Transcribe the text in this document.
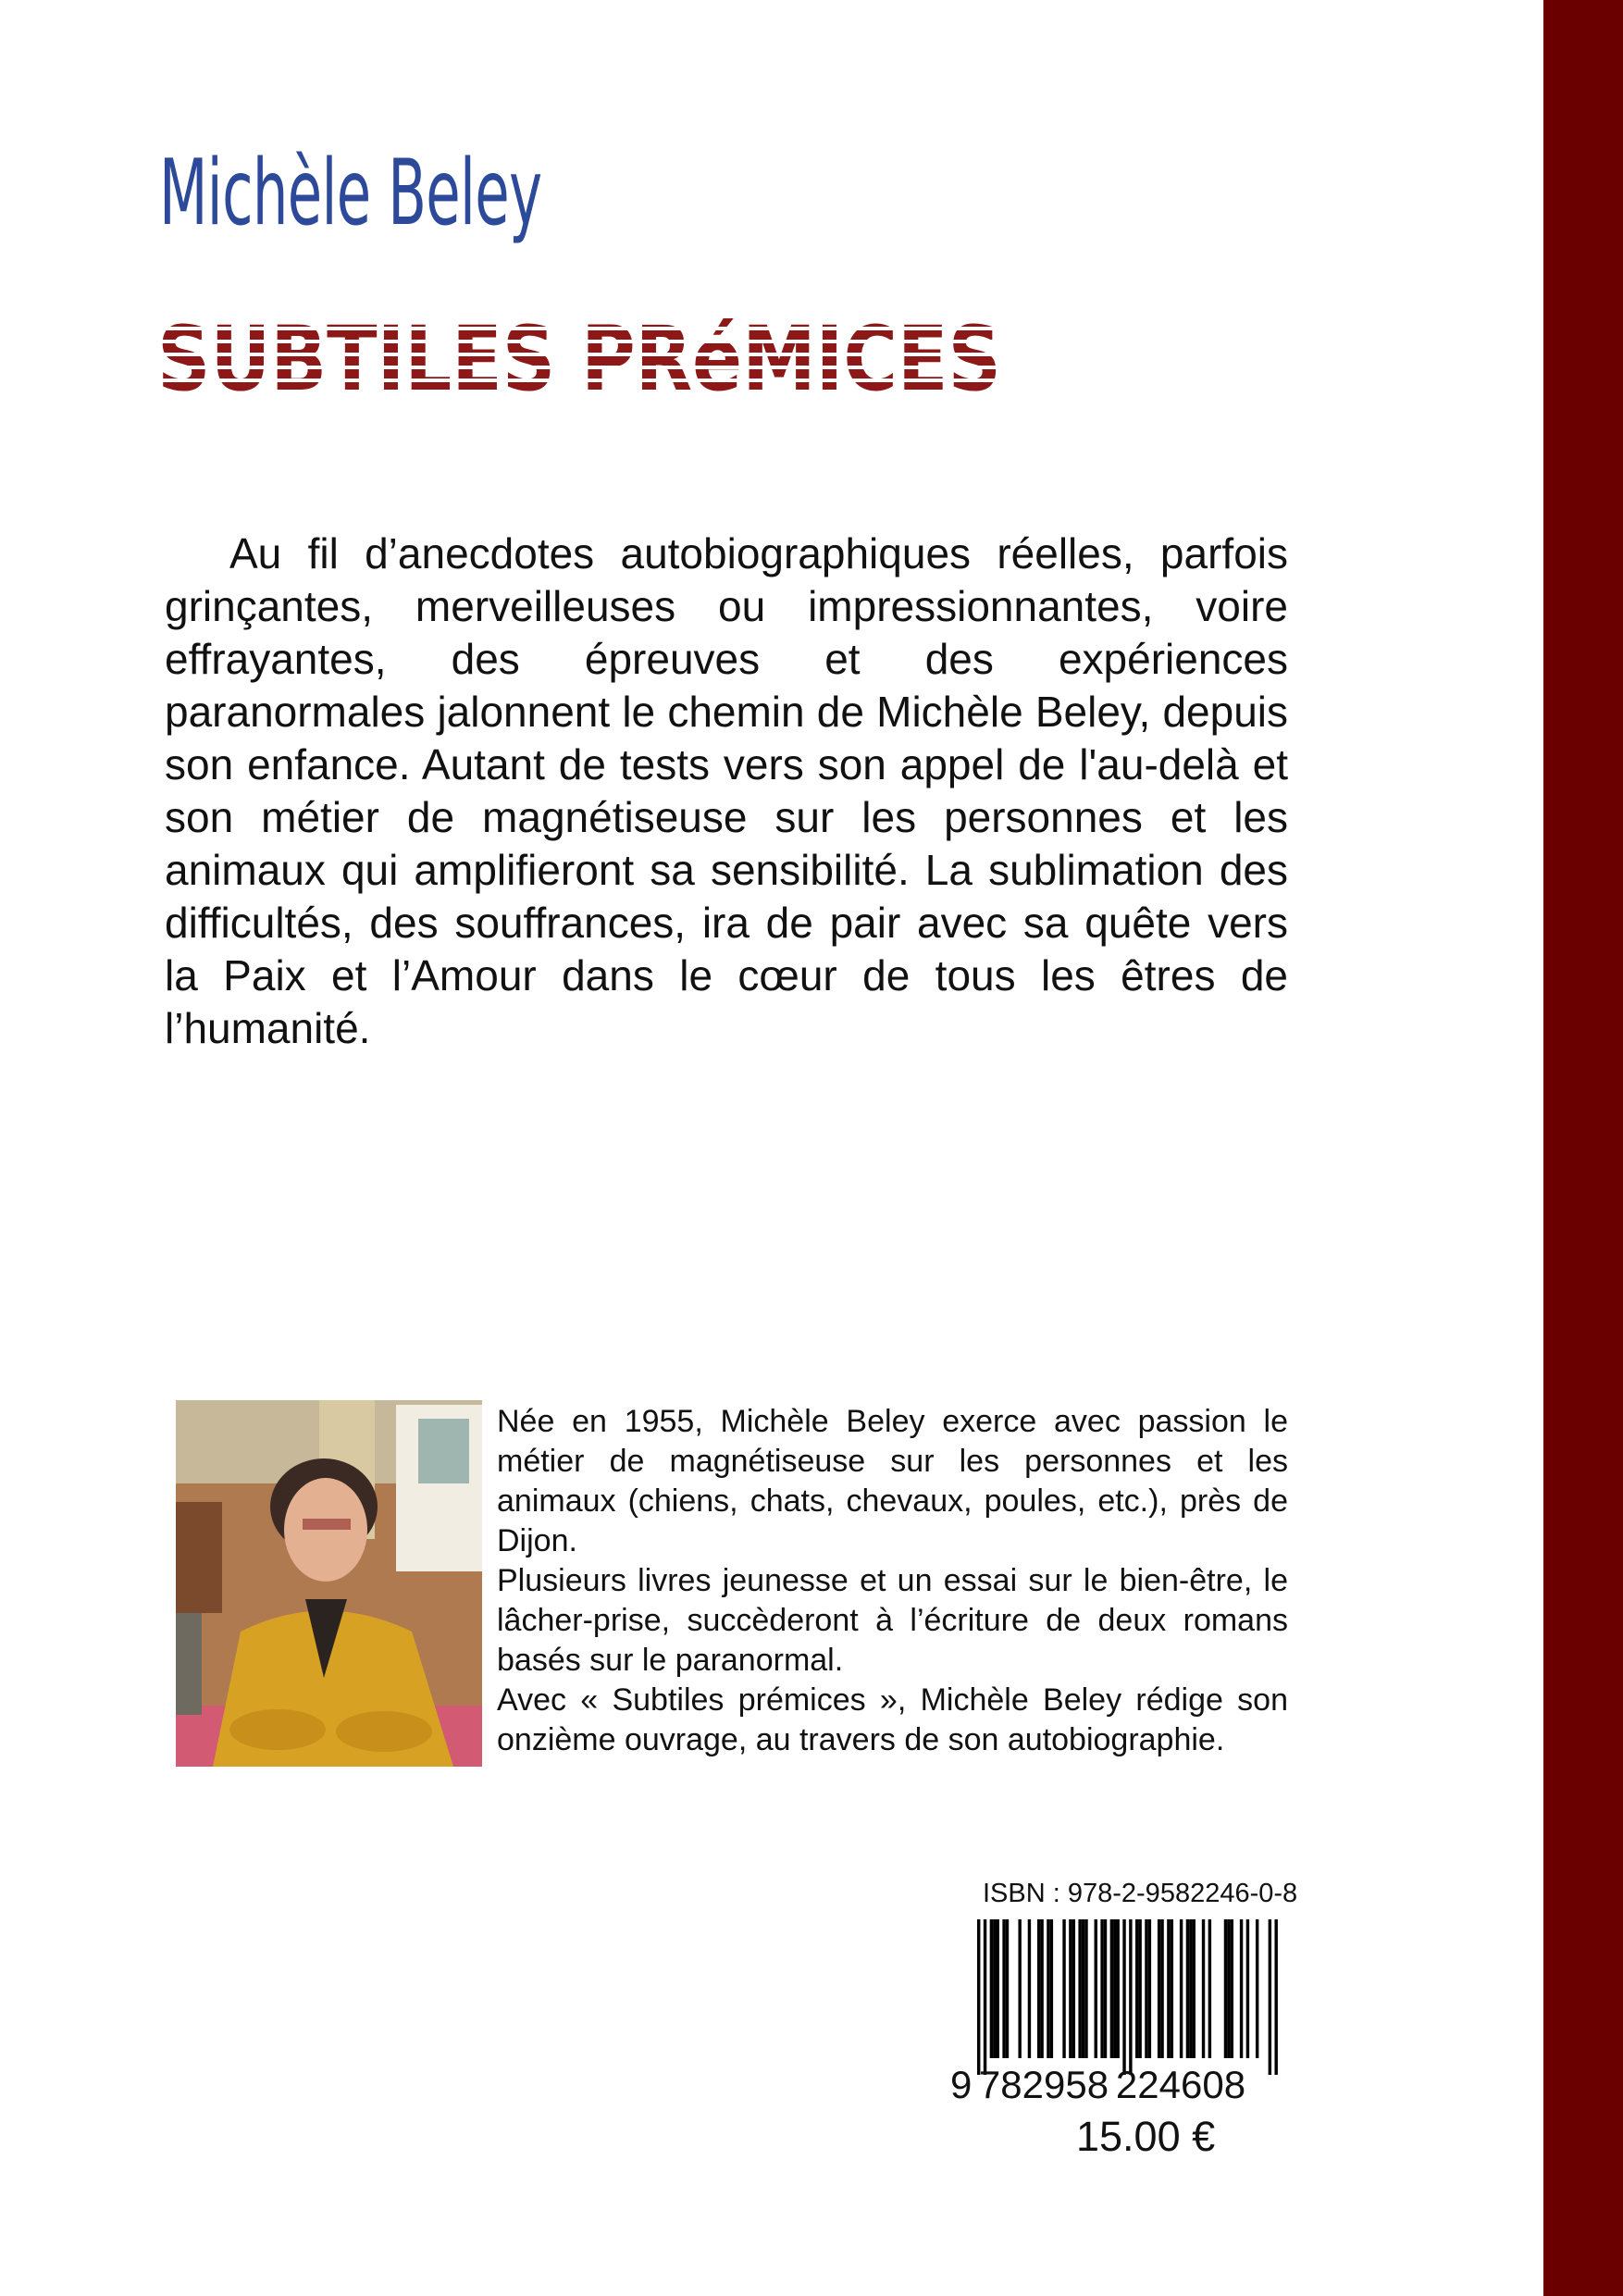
Michèle Beley
SUBTILES PRéMICES

Au fil d’anecdotes autobiographiques réelles, parfois grinçantes, merveilleuses ou impressionnantes, voire effrayantes, des épreuves et des expériences paranormales jalonnent le chemin de Michèle Beley, depuis son enfance. Autant de tests vers son appel de l'au-delà et son métier de magnétiseuse sur les personnes et les animaux qui amplifieront sa sensibilité. La sublimation des difficultés, des souffrances, ira de pair avec sa quête vers la Paix et l’Amour dans le cœur de tous les êtres de l’humanité.

Née en 1955, Michèle Beley exerce avec passion le métier de magnétiseuse sur les personnes et les animaux (chiens, chats, chevaux, poules, etc.), près de Dijon.

Plusieurs livres jeunesse et un essai sur le bien-être, le lâcher-prise, succèderont à l’écriture de deux romans basés sur le paranormal.

Avec « Subtiles prémices », Michèle Beley rédige son onzième ouvrage, au travers de son autobiographie.

ISBN : 978-2-9582246-0-8
9 782958 224608
15.00 €
